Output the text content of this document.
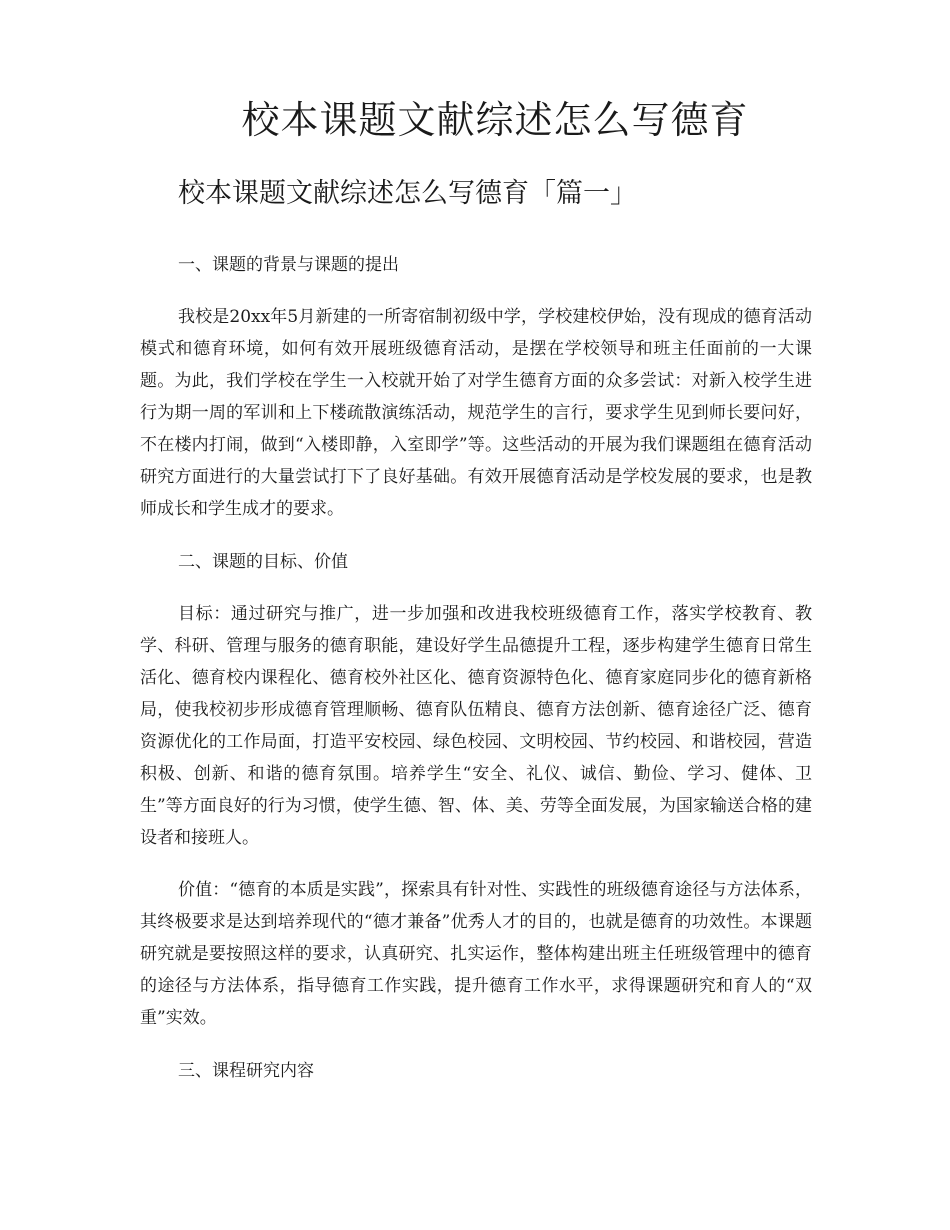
校本课题文献综述怎么写德育
校本课题文献综述怎么写德育「篇一」

一、课题的背景与课题的提出

我校是20xx年5月新建的一所寄宿制初级中学，学校建校伊始，没有现成的德育活动模式和德育环境，如何有效开展班级德育活动，是摆在学校领导和班主任面前的一大课题。为此，我们学校在学生一入校就开始了对学生德育方面的众多尝试：对新入校学生进行为期一周的军训和上下楼疏散演练活动，规范学生的言行，要求学生见到师长要问好，不在楼内打闹，做到“入楼即静，入室即学”等。这些活动的开展为我们课题组在德育活动研究方面进行的大量尝试打下了良好基础。有效开展德育活动是学校发展的要求，也是教师成长和学生成才的要求。

二、课题的目标、价值

目标：通过研究与推广，进一步加强和改进我校班级德育工作，落实学校教育、教学、科研、管理与服务的德育职能，建设好学生品德提升工程，逐步构建学生德育日常生活化、德育校内课程化、德育校外社区化、德育资源特色化、德育家庭同步化的德育新格局，使我校初步形成德育管理顺畅、德育队伍精良、德育方法创新、德育途径广泛、德育资源优化的工作局面，打造平安校园、绿色校园、文明校园、节约校园、和谐校园，营造积极、创新、和谐的德育氛围。培养学生“安全、礼仪、诚信、勤俭、学习、健体、卫生”等方面良好的行为习惯，使学生德、智、体、美、劳等全面发展，为国家输送合格的建设者和接班人。

价值：“德育的本质是实践”，探索具有针对性、实践性的班级德育途径与方法体系，其终极要求是达到培养现代的“德才兼备”优秀人才的目的，也就是德育的功效性。本课题研究就是要按照这样的要求，认真研究、扎实运作，整体构建出班主任班级管理中的德育的途径与方法体系，指导德育工作实践，提升德育工作水平，求得课题研究和育人的“双重”实效。

三、课程研究内容
